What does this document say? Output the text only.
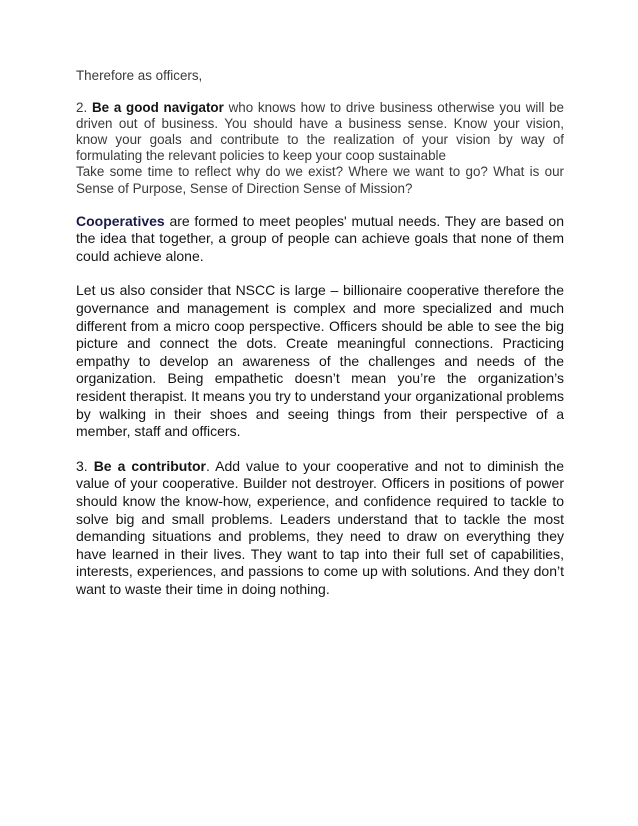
Therefore as officers,

2. Be a good navigator who knows how to drive business otherwise you will be driven out of business. You should have a business sense. Know your vision, know your goals and contribute to the realization of your vision by way of formulating the relevant policies to keep your coop sustainable

Take some time to reflect why do we exist? Where we want to go? What is our Sense of Purpose, Sense of Direction Sense of Mission?

Cooperatives are formed to meet peoples' mutual needs. They are based on the idea that together, a group of people can achieve goals that none of them could achieve alone.

Let us also consider that NSCC is large – billionaire cooperative therefore the governance and management is complex and more specialized and much different from a micro coop perspective. Officers should be able to see the big picture and connect the dots. Create meaningful connections. Practicing empathy to develop an awareness of the challenges and needs of the organization. Being empathetic doesn’t mean you’re the organization’s resident therapist. It means you try to understand your organizational problems by walking in their shoes and seeing things from their perspective of a member, staff and officers.

3. Be a contributor. Add value to your cooperative and not to diminish the value of your cooperative. Builder not destroyer. Officers in positions of power should know the know-how, experience, and confidence required to tackle to solve big and small problems. Leaders understand that to tackle the most demanding situations and problems, they need to draw on everything they have learned in their lives. They want to tap into their full set of capabilities, interests, experiences, and passions to come up with solutions. And they don’t want to waste their time in doing nothing.
